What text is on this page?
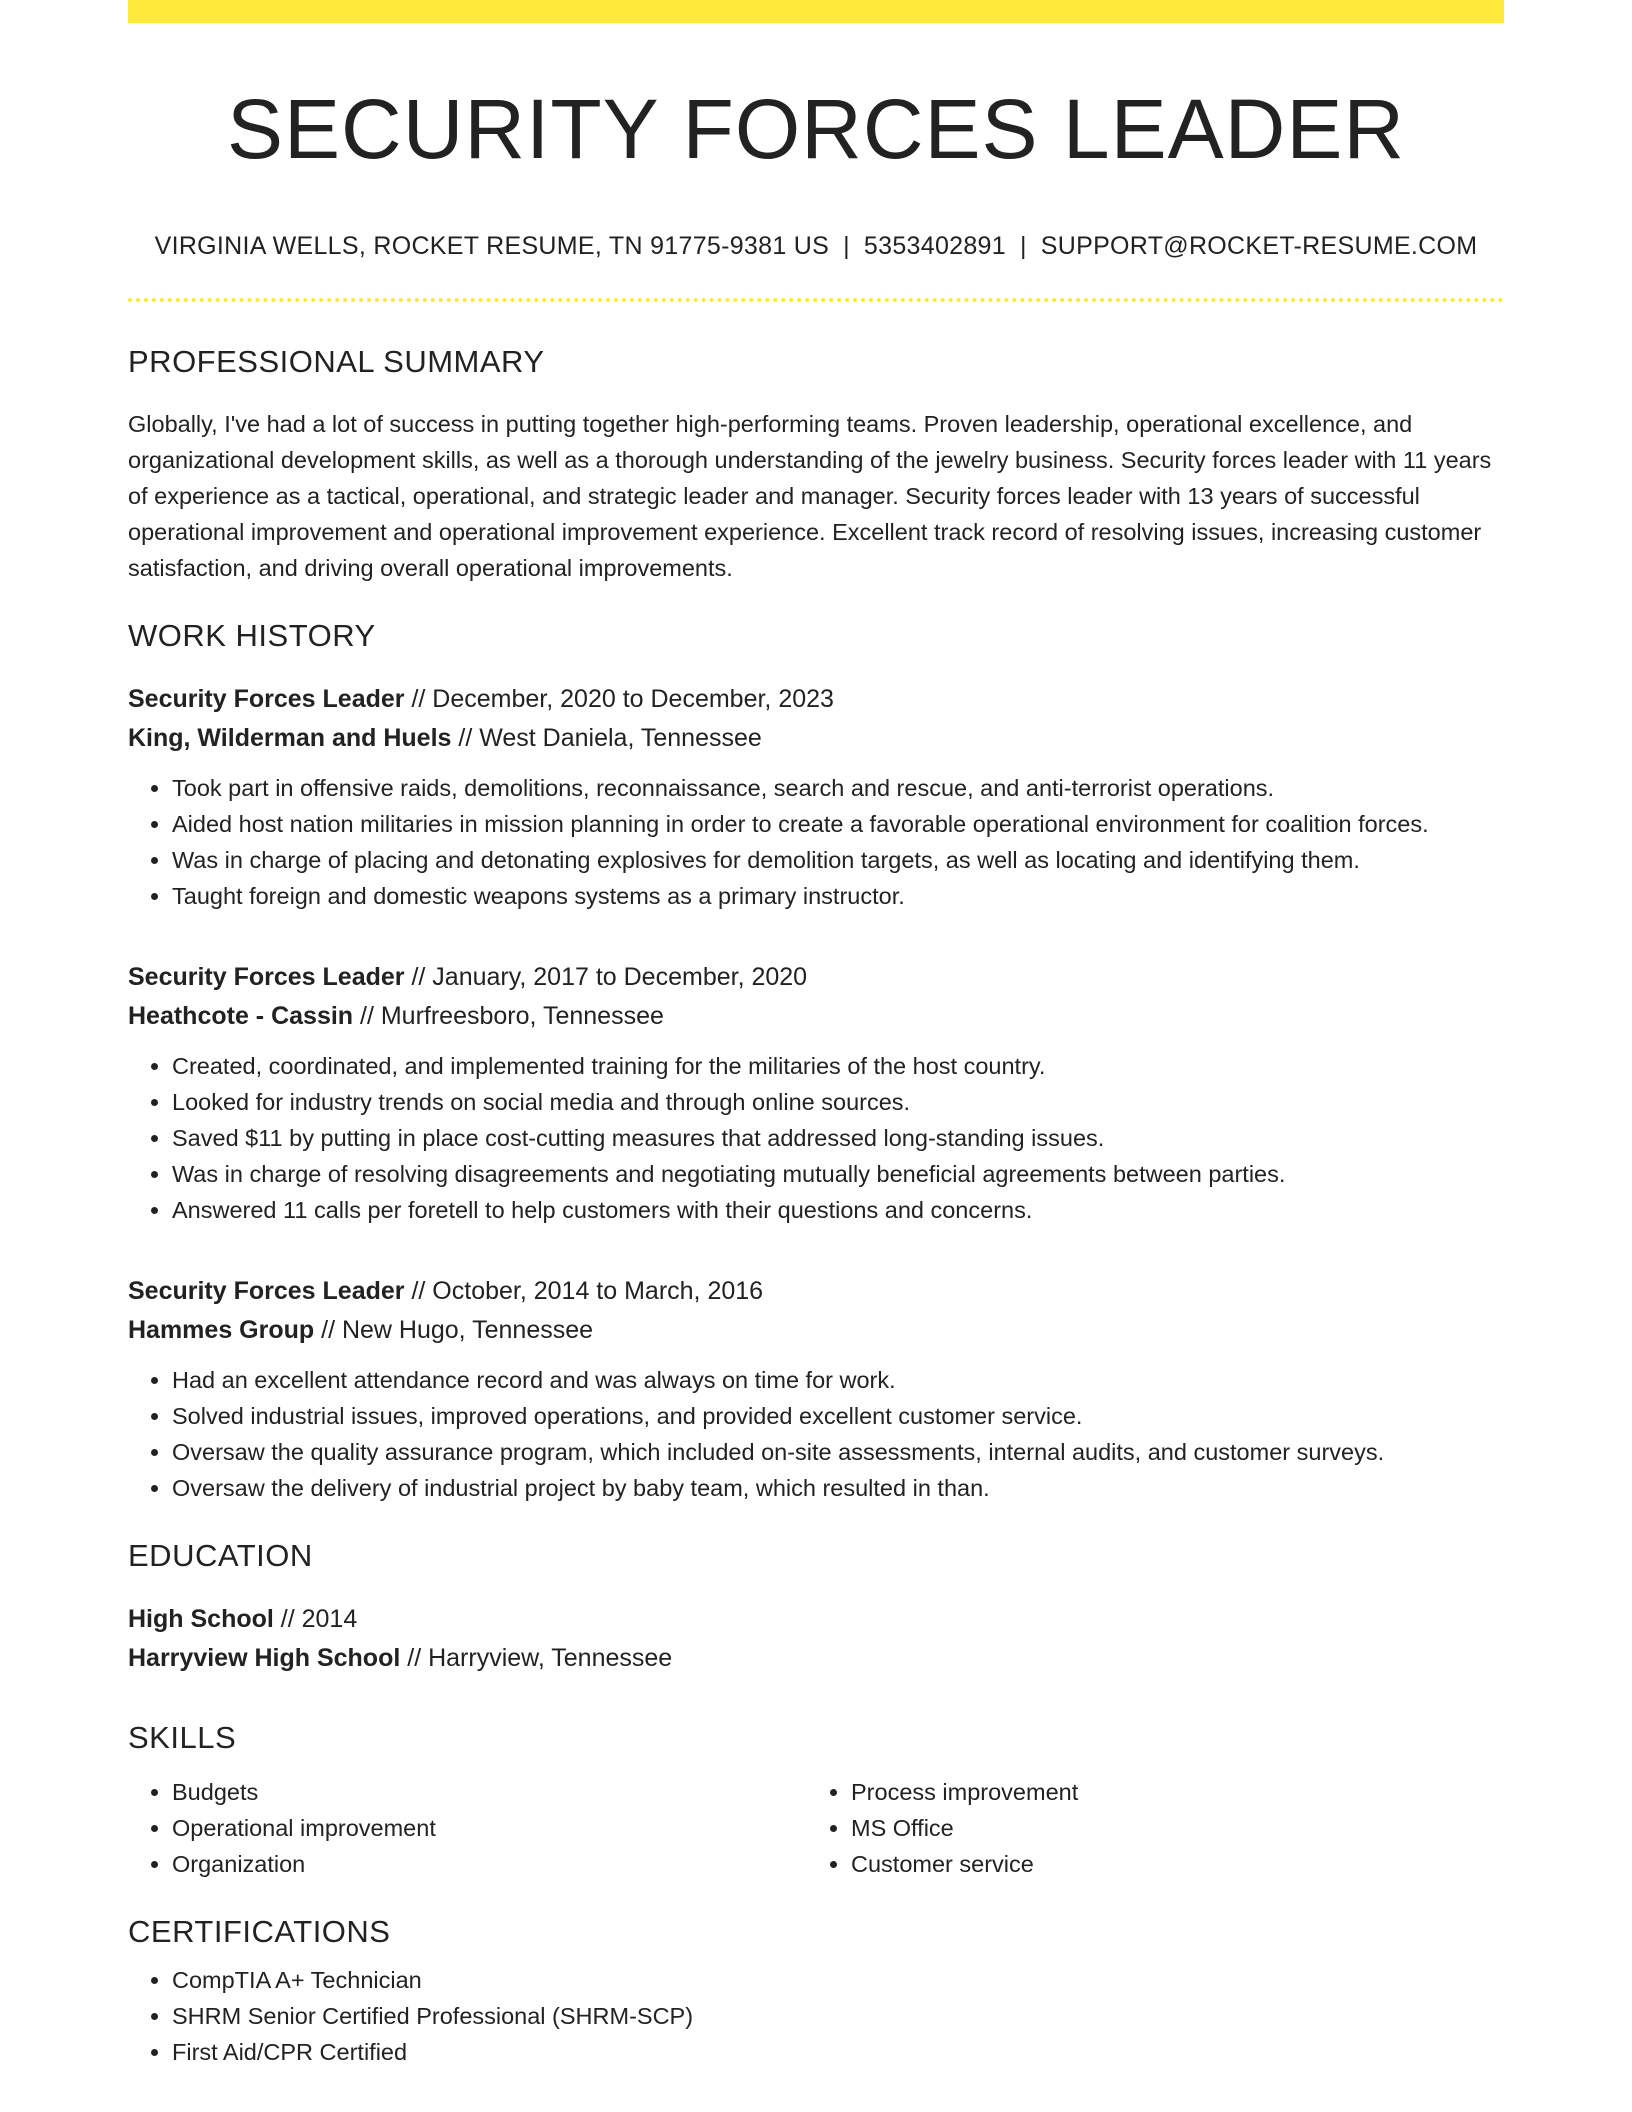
SECURITY FORCES LEADER
VIRGINIA WELLS, ROCKET RESUME, TN 91775-9381 US | 5353402891 | SUPPORT@ROCKET-RESUME.COM
PROFESSIONAL SUMMARY

Globally, I've had a lot of success in putting together high-performing teams. Proven leadership, operational excellence, and organizational development skills, as well as a thorough understanding of the jewelry business. Security forces leader with 11 years of experience as a tactical, operational, and strategic leader and manager. Security forces leader with 13 years of successful operational improvement and operational improvement experience. Excellent track record of resolving issues, increasing customer satisfaction, and driving overall operational improvements.

WORK HISTORY
Security Forces Leader // December, 2020 to December, 2023
King, Wilderman and Huels // West Daniela, Tennessee
• Took part in offensive raids, demolitions, reconnaissance, search and rescue, and anti-terrorist operations.
• Aided host nation militaries in mission planning in order to create a favorable operational environment for coalition forces.
• Was in charge of placing and detonating explosives for demolition targets, as well as locating and identifying them.
• Taught foreign and domestic weapons systems as a primary instructor.
Security Forces Leader // January, 2017 to December, 2020
Heathcote - Cassin // Murfreesboro, Tennessee
• Created, coordinated, and implemented training for the militaries of the host country.
• Looked for industry trends on social media and through online sources.
• Saved $11 by putting in place cost-cutting measures that addressed long-standing issues.
• Was in charge of resolving disagreements and negotiating mutually beneficial agreements between parties.
• Answered 11 calls per foretell to help customers with their questions and concerns.
Security Forces Leader // October, 2014 to March, 2016
Hammes Group // New Hugo, Tennessee
• Had an excellent attendance record and was always on time for work.
• Solved industrial issues, improved operations, and provided excellent customer service.
• Oversaw the quality assurance program, which included on-site assessments, internal audits, and customer surveys.
• Oversaw the delivery of industrial project by baby team, which resulted in than.
EDUCATION
High School // 2014
Harryview High School // Harryview, Tennessee
SKILLS
• Budgets
• Operational improvement
• Organization
• Process improvement
• MS Office
• Customer service
CERTIFICATIONS
• CompTIA A+ Technician
• SHRM Senior Certified Professional (SHRM-SCP)
• First Aid/CPR Certified
